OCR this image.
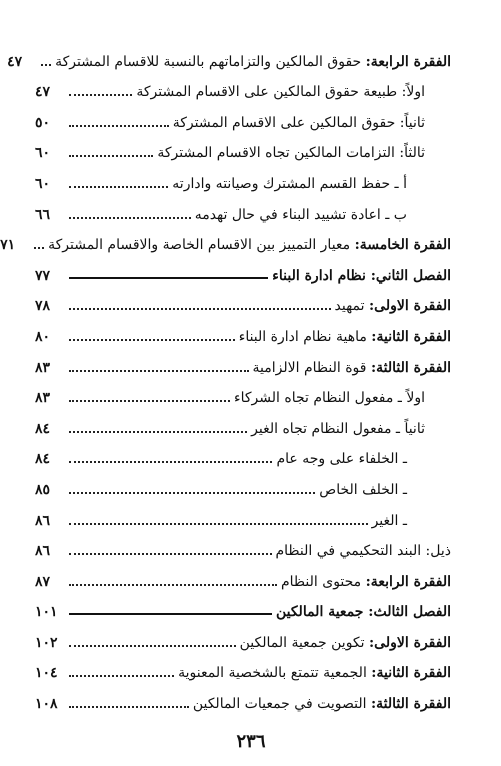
الفقرة الرابعة: حقوق المالكين والتزاماتهم بالنسبة للاقسام المشتركة
٤٧
اولاً: طبيعة حقوق المالكين على الاقسام المشتركة
٤٧
ثانياً: حقوق المالكين على الاقسام المشتركة
٥٠
ثالثاً: التزامات المالكين تجاه الاقسام المشتركة
٦٠
أ ـ حفظ القسم المشترك وصيانته وادارته
٦٠
ب ـ اعادة تشييد البناء في حال تهدمه
٦٦
الفقرة الخامسة: معيار التمييز بين الاقسام الخاصة والاقسام المشتركة
٧١
الفصل الثاني: نظام ادارة البناء
٧٧
الفقرة الاولى: تمهيد
٧٨
الفقرة الثانية: ماهية نظام ادارة البناء
٨٠
الفقرة الثالثة: قوة النظام الالزامية
٨٣
اولاً ـ مفعول النظام تجاه الشركاء
٨٣
ثانياً ـ مفعول النظام تجاه الغير
٨٤
ـ الخلفاء على وجه عام
٨٤
ـ الخلف الخاص
٨٥
ـ الغير
٨٦
ذيل: البند التحكيمي في النظام
٨٦
الفقرة الرابعة: محتوى النظام
٨٧
الفصل الثالث: جمعية المالكين
١٠١
الفقرة الاولى: تكوين جمعية المالكين
١٠٢
الفقرة الثانية: الجمعية تتمتع بالشخصية المعنوية
١٠٤
الفقرة الثالثة: التصويت في جمعيات المالكين
١٠٨
٢٣٦
